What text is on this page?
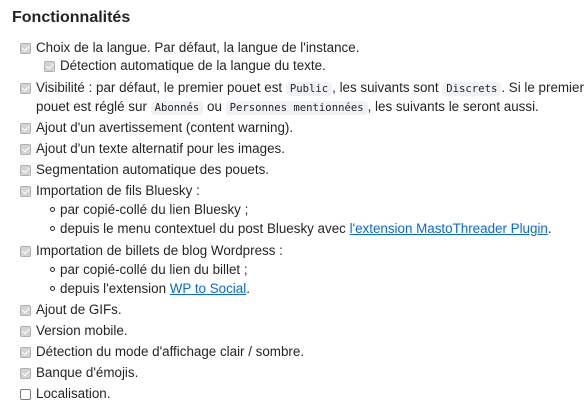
Fonctionnalités
Choix de la langue. Par défaut, la langue de l'instance.
Détection automatique de la langue du texte.
Visibilité : par défaut, le premier pouet est Public , les suivants sont Discrets . Si le premier
pouet est réglé sur Abonnés ou Personnes mentionnées , les suivants le seront aussi.
Ajout d'un avertissement (content warning).
Ajout d'un texte alternatif pour les images.
Segmentation automatique des pouets.
Importation de fils Bluesky :
par copié-collé du lien Bluesky ;
depuis le menu contextuel du post Bluesky avec l'extension MastoThreader Plugin.
Importation de billets de blog Wordpress :
par copié-collé du lien du billet ;
depuis l'extension WP to Social.
Ajout de GIFs.
Version mobile.
Détection du mode d'affichage clair / sombre.
Banque d'émojis.
Localisation.
